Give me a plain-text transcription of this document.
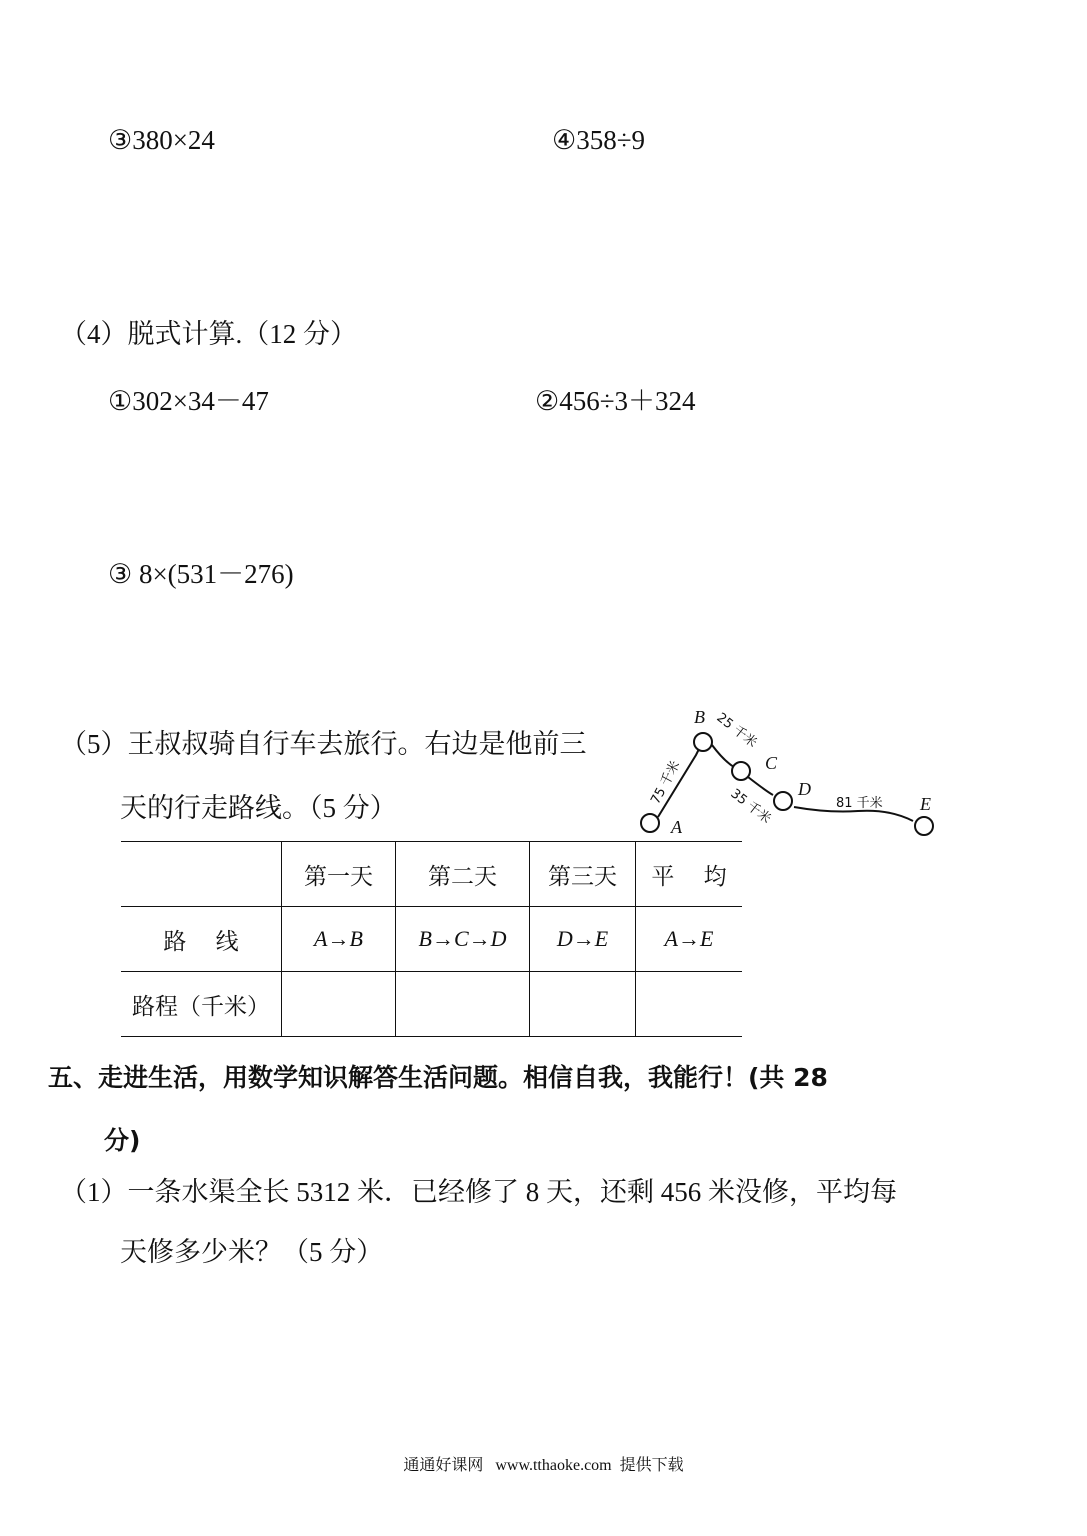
③380×24	④358÷9
（4）脱式计算.（12 分）
①302×34－47	②456÷3＋324
③ 8×(531－276)
（5）王叔叔骑自行车去旅行。右边是他前三
天的行走路线。（5 分）
A
B
C
D
E
75 千米
25 千米
35 千米	81 千米
	第一天	第二天	第三天	平    均
路    线	A→B	B→C→D	D→E	A→E
路程（千米）				
五、走进生活，用数学知识解答生活问题。相信自我，我能行！(共 28
分)
（1）一条水渠全长 5312 米．已经修了 8 天，还剩 456 米没修，平均每
天修多少米？（5 分）
通通好课网   www.tthaoke.com  提供下载
